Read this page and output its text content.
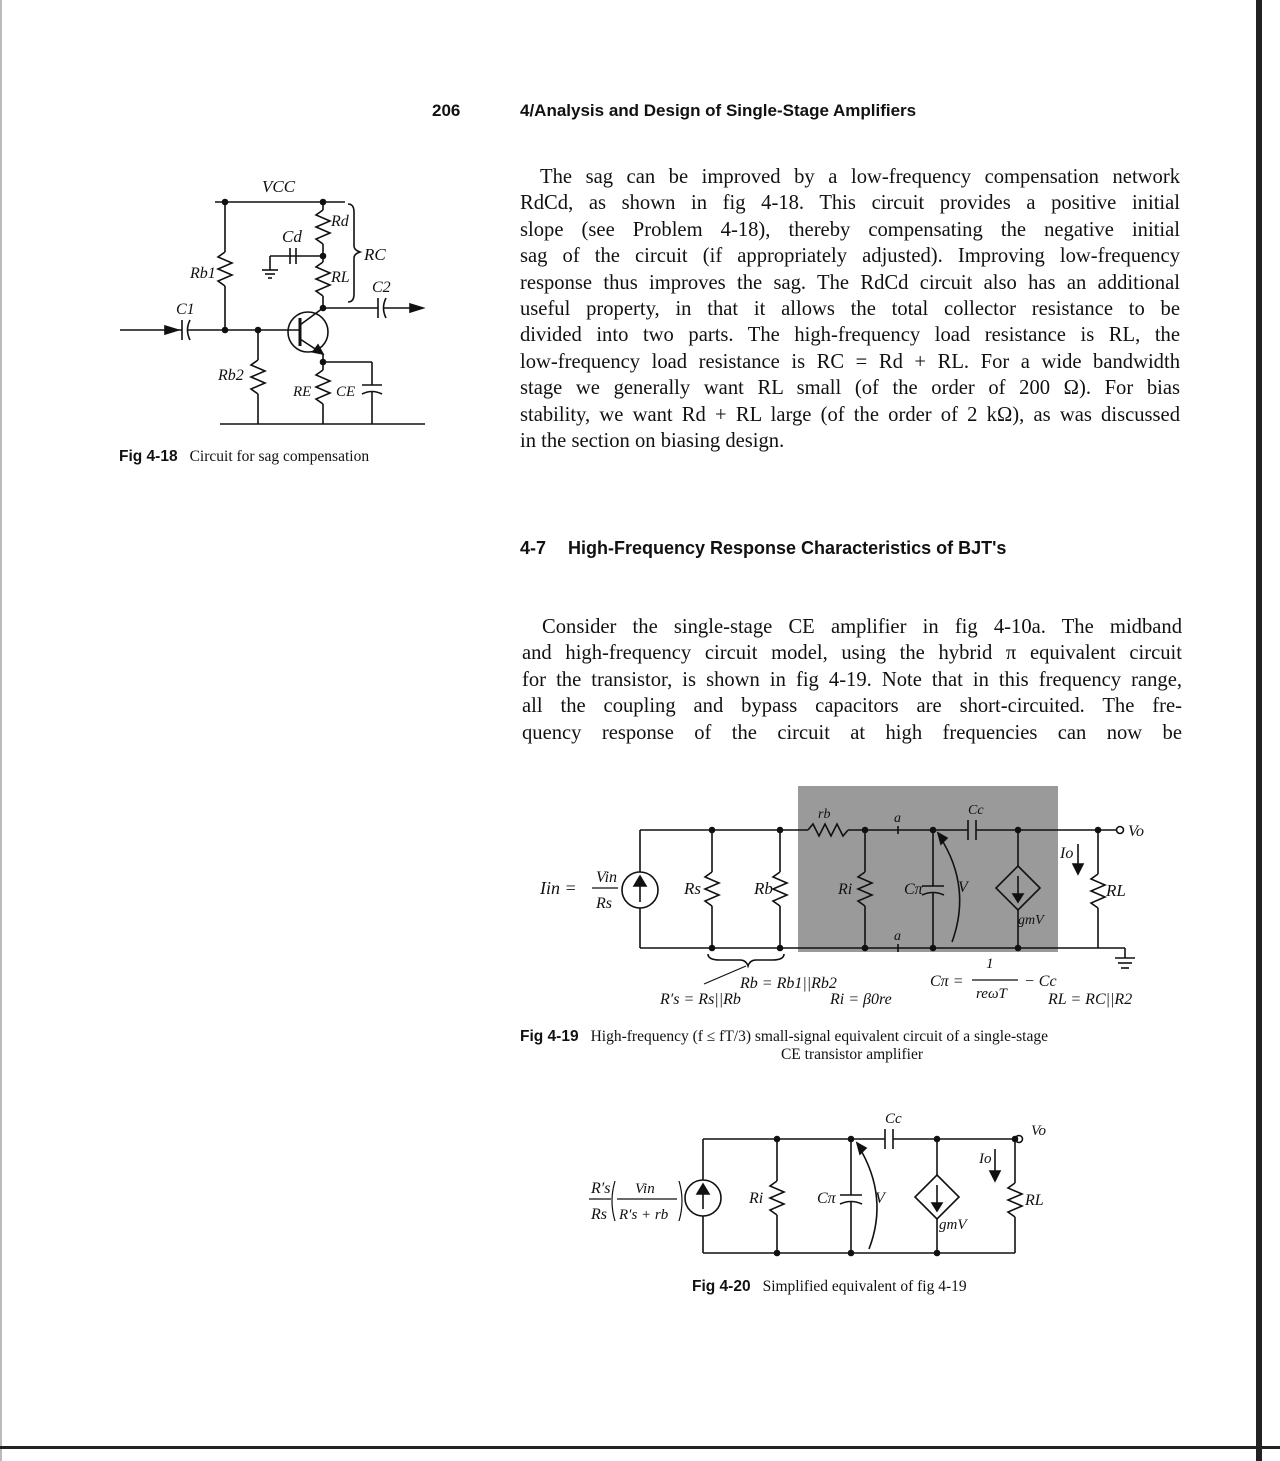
206	4/Analysis and Design of Single-Stage Amplifiers
VCC
Cd
Rd
RC
Rb1	RL
C2
C1
Rb2
RE CE
Fig 4-18 Circuit for sag compensation
The sag can be improved by a low-frequency compensation network
RdCd, as shown in fig 4-18. This circuit provides a positive initial
slope (see Problem 4-18), thereby compensating the negative initial
sag of the circuit (if appropriately adjusted). Improving low-frequency
response thus improves the sag. The RdCd circuit also has an additional
useful property, in that it allows the total collector resistance to be
divided into two parts. The high-frequency load resistance is RL, the
low-frequency load resistance is RC = Rd + RL. For a wide bandwidth
stage we generally want RL small (of the order of 200 Ω). For bias
stability, we want Rd + RL large (of the order of 2 kΩ), as was discussed
in the section on biasing design.
4-7 High-Frequency Response Characteristics of BJT's
Consider the single-stage CE amplifier in fig 4-10a. The midband
and high-frequency circuit model, using the hybrid π equivalent circuit
for the transistor, is shown in fig 4-19. Note that in this frequency range,
all the coupling and bypass capacitors are short-circuited. The fre-
quency response of the circuit at high frequencies can now be
Iin =
Vin
Rs
Rs	Rb
rb	a
a
Ri	Cπ V
Cc
Io
gmV
RL
Vo
Rb = Rb1||Rb2
R′s = Rs||Rb	Ri = β0re
Cπ =
1
reωT
− Cc
RL = RC||R2
Fig 4-19 High-frequency (f ≤ fT/3) small-signal equivalent circuit of a single-stage
CE transistor amplifier
R′s
Rs
Vin
R′s + rb
Ri	Cπ V
gmV
Cc
Io
RL
Vo
Fig 4-20 Simplified equivalent of fig 4-19
